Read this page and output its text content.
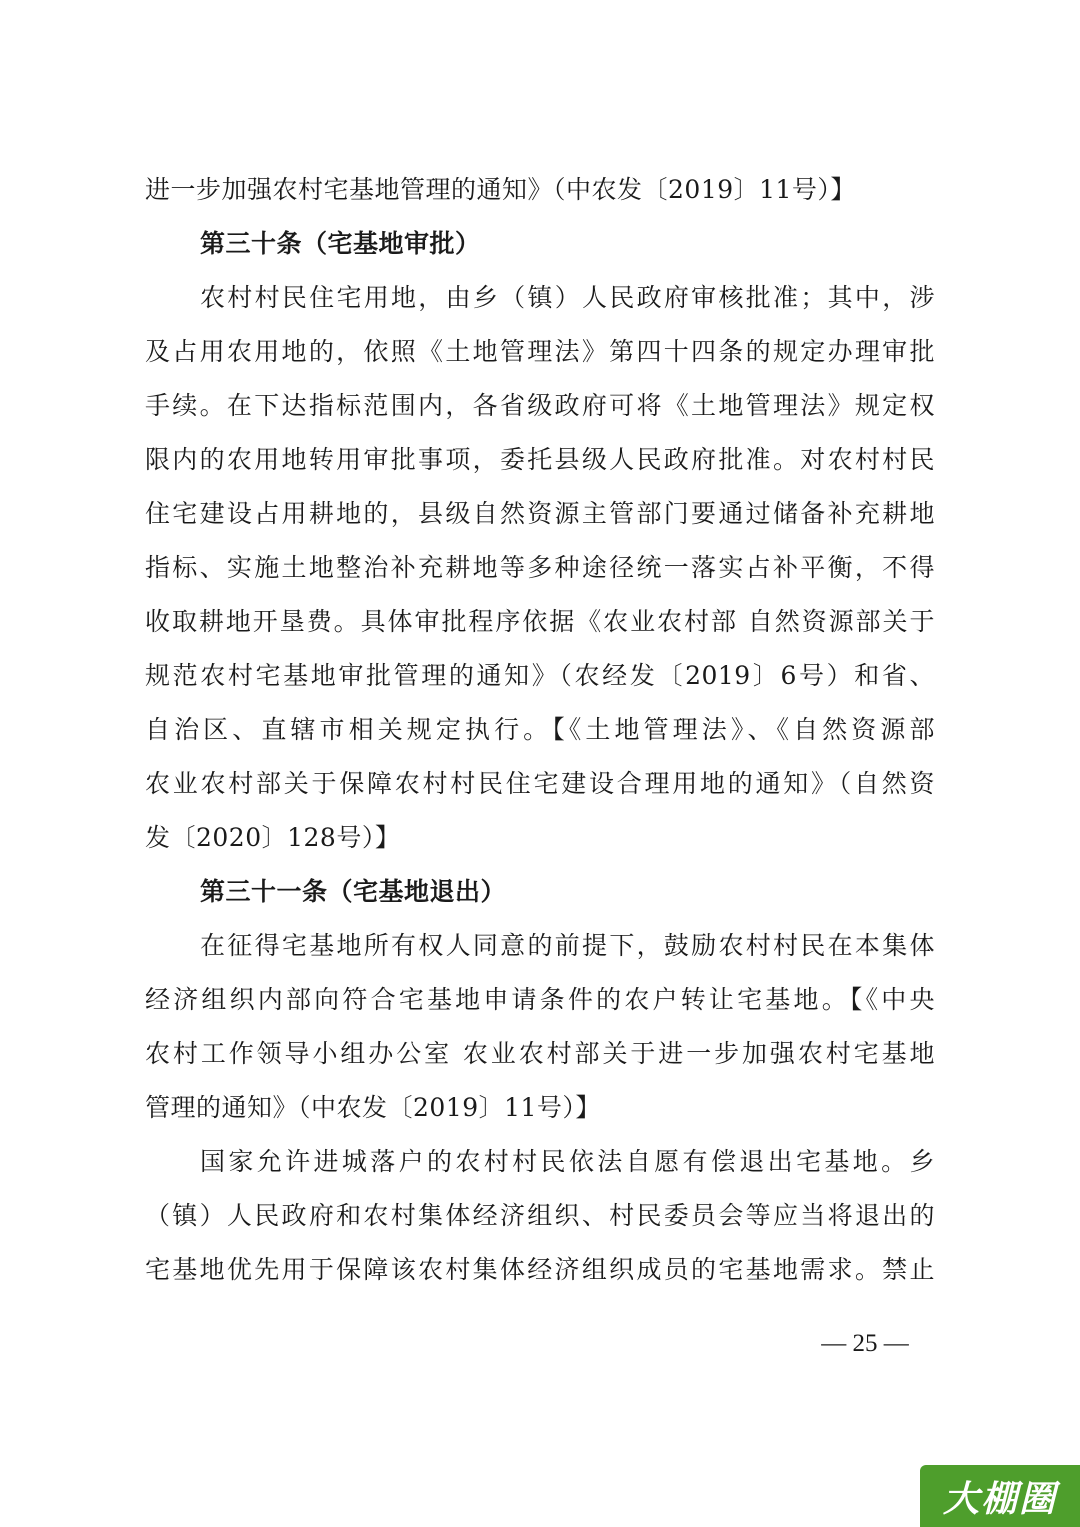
进一步加强农村宅基地管理的通知》（中农发〔2019〕11号）】
第三十条（宅基地审批）
农村村民住宅用地，由乡（镇）人民政府审核批准；其中，涉
及占用农用地的，依照《土地管理法》第四十四条的规定办理审批
手续。在下达指标范围内，各省级政府可将《土地管理法》规定权
限内的农用地转用审批事项，委托县级人民政府批准。对农村村民
住宅建设占用耕地的，县级自然资源主管部门要通过储备补充耕地
指标、实施土地整治补充耕地等多种途径统一落实占补平衡，不得
收取耕地开垦费。具体审批程序依据《农业农村部 自然资源部关于
规范农村宅基地审批管理的通知》（农经发〔2019〕6号）和省、
自治区、直辖市相关规定执行。【《土地管理法》、《自然资源部
农业农村部关于保障农村村民住宅建设合理用地的通知》（自然资
发〔2020〕128号）】
第三十一条（宅基地退出）
在征得宅基地所有权人同意的前提下，鼓励农村村民在本集体
经济组织内部向符合宅基地申请条件的农户转让宅基地。【《中央
农村工作领导小组办公室 农业农村部关于进一步加强农村宅基地
管理的通知》（中农发〔2019〕11号）】
国家允许进城落户的农村村民依法自愿有偿退出宅基地。乡
（镇）人民政府和农村集体经济组织、村民委员会等应当将退出的
宅基地优先用于保障该农村集体经济组织成员的宅基地需求。禁止
— 25 —
大棚圈
